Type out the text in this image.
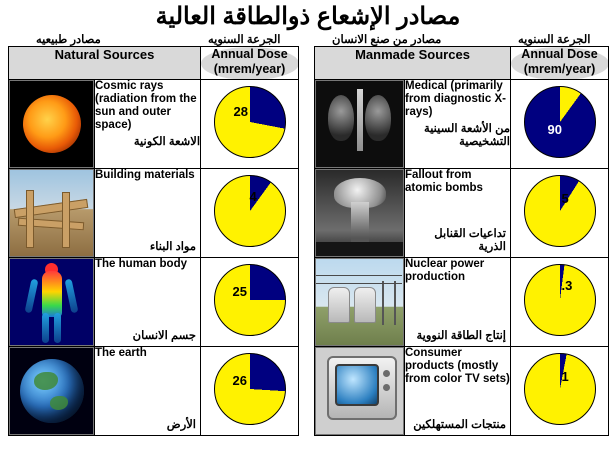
مصادر الإشعاع ذوالطاقة العالية
مصادر طبيعيه	الجرعة السنويه
Natural Sources		Annual Dose
(mrem/year)

	Cosmic rays (radiation from the sun and outer space)
الاشعة الكونية	28

	Building materials
مواد البناء	4

	The human body
جسم الانسان	25

	The earth
الأرض	26
مصادر من صنع الانسان	الجرعة السنويه
Manmade Sources		Annual Dose
(mrem/year)

	Medical (primarily from diagnostic X-rays)
من الأشعة السينية التشخيصية	90

	Fallout from atomic bombs
تداعيات القنابل الذرية	5

	Nuclear power production
إنتاج الطاقة النووية	.3

	Consumer products (mostly from color TV sets)
منتجات المستهلكين	1
